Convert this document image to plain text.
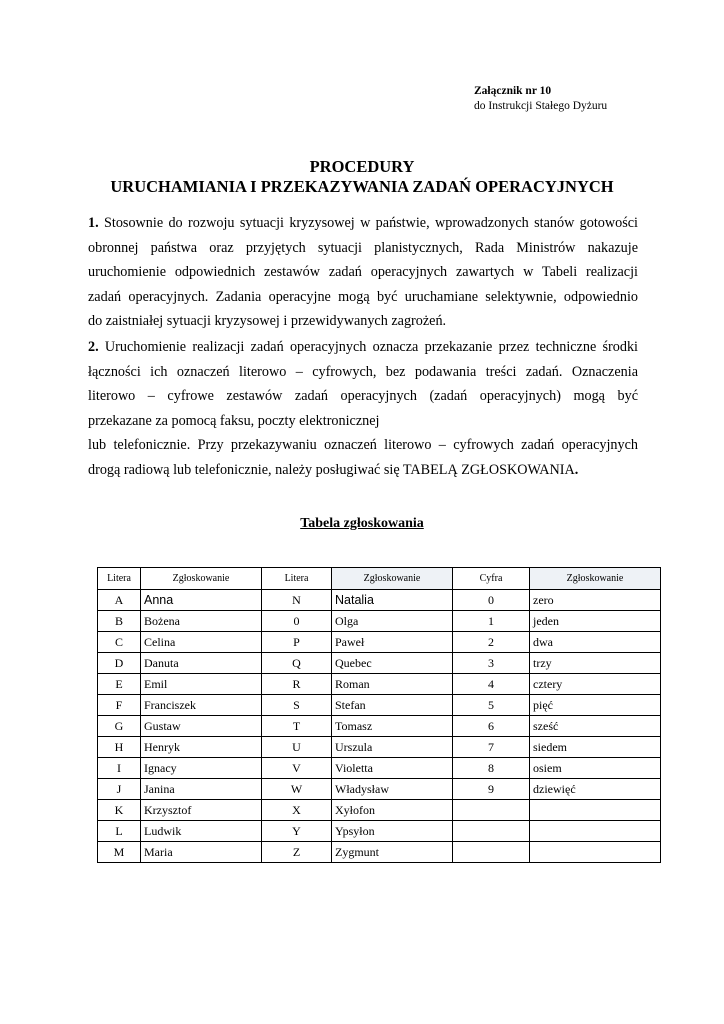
Załącznik nr 10
do Instrukcji Stałego Dyżuru
PROCEDURY
URUCHAMIANIA I PRZEKAZYWANIA ZADAŃ OPERACYJNYCH
1. Stosownie do rozwoju sytuacji kryzysowej w państwie, wprowadzonych stanów gotowości
obronnej państwa oraz przyjętych sytuacji planistycznych, Rada Ministrów nakazuje
uruchomienie odpowiednich zestawów zadań operacyjnych zawartych w Tabeli realizacji
zadań operacyjnych. Zadania operacyjne mogą być uruchamiane selektywnie, odpowiednio
do zaistniałej sytuacji kryzysowej i przewidywanych zagrożeń.
2. Uruchomienie realizacji zadań operacyjnych oznacza przekazanie przez techniczne środki
łączności ich oznaczeń literowo – cyfrowych, bez podawania treści zadań. Oznaczenia
literowo – cyfrowe zestawów zadań operacyjnych (zadań operacyjnych) mogą być
przekazane za pomocą faksu, poczty elektronicznej
lub telefonicznie. Przy przekazywaniu oznaczeń literowo – cyfrowych zadań operacyjnych
drogą radiową lub telefonicznie, należy posługiwać się TABELĄ ZGŁOSKOWANIA.
Tabela zgłoskowania
Litera	Zgłoskowanie	Litera	Zgłoskowanie	Cyfra	Zgłoskowanie
A	Anna	N	Natalia	0	zero
B	Bożena	0	Olga	1	jeden
C	Celina	P	Paweł	2	dwa
D	Danuta	Q	Quebec	3	trzy
E	Emil	R	Roman	4	cztery
F	Franciszek	S	Stefan	5	pięć
G	Gustaw	T	Tomasz	6	sześć
H	Henryk	U	Urszula	7	siedem
I	Ignacy	V	Violetta	8	osiem
J	Janina	W	Władysław	9	dziewięć
K	Krzysztof	X	Xyłofon		
L	Ludwik	Y	Ypsyłon		
M	Maria	Z	Zygmunt		
